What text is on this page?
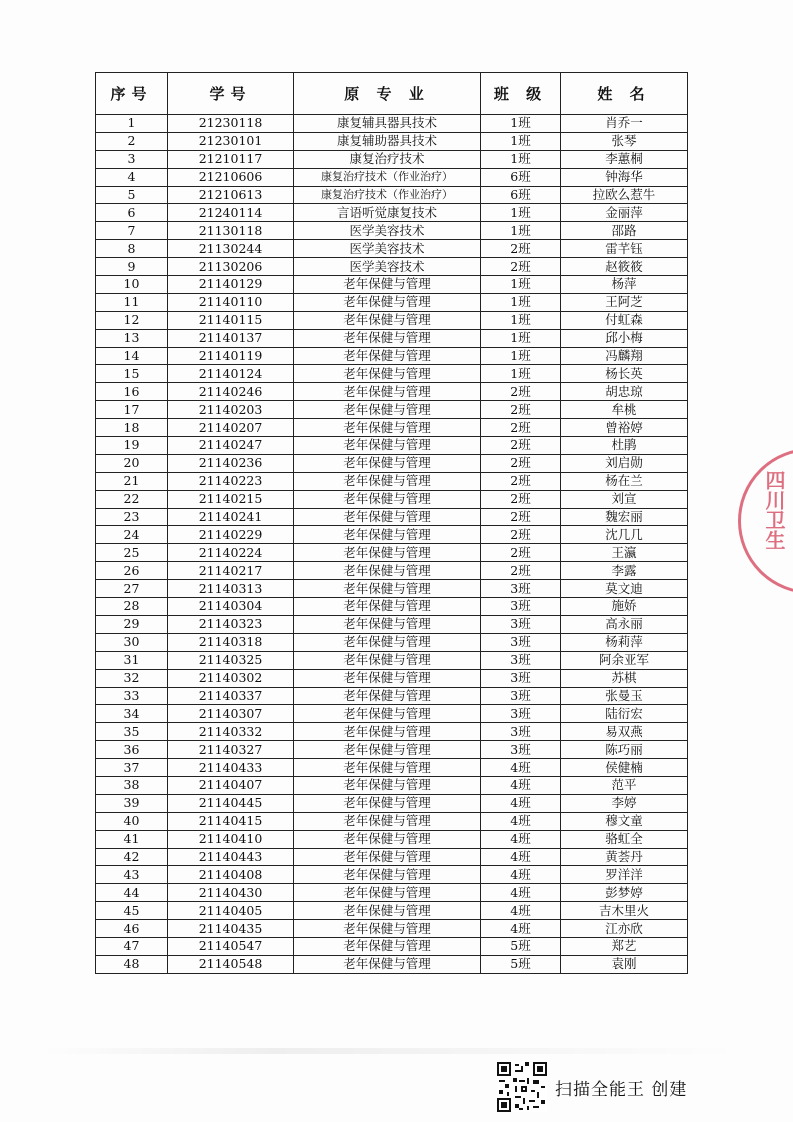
序号	学号	原 专 业	班 级	姓 名
1	21230118	康复辅具器具技术	1班	肖乔一
2	21230101	康复辅助器具技术	1班	张琴
3	21210117	康复治疗技术	1班	李蕙桐
4	21210606	康复治疗技术（作业治疗）	6班	钟海华
5	21210613	康复治疗技术（作业治疗）	6班	拉欧么惹牛
6	21240114	言语听觉康复技术	1班	金丽萍
7	21130118	医学美容技术	1班	邵路
8	21130244	医学美容技术	2班	雷芊钰
9	21130206	医学美容技术	2班	赵筱筱
10	21140129	老年保健与管理	1班	杨萍
11	21140110	老年保健与管理	1班	王阿芝
12	21140115	老年保健与管理	1班	付虹森
13	21140137	老年保健与管理	1班	邱小梅
14	21140119	老年保健与管理	1班	冯麟翔
15	21140124	老年保健与管理	1班	杨长英
16	21140246	老年保健与管理	2班	胡忠琼
17	21140203	老年保健与管理	2班	牟桃
18	21140207	老年保健与管理	2班	曾裕婷
19	21140247	老年保健与管理	2班	杜鹃
20	21140236	老年保健与管理	2班	刘启勋
21	21140223	老年保健与管理	2班	杨在兰
22	21140215	老年保健与管理	2班	刘宣
23	21140241	老年保健与管理	2班	魏宏丽
24	21140229	老年保健与管理	2班	沈几几
25	21140224	老年保健与管理	2班	王瀛
26	21140217	老年保健与管理	2班	李露
27	21140313	老年保健与管理	3班	莫文迪
28	21140304	老年保健与管理	3班	施娇
29	21140323	老年保健与管理	3班	高永丽
30	21140318	老年保健与管理	3班	杨莉萍
31	21140325	老年保健与管理	3班	阿余亚军
32	21140302	老年保健与管理	3班	苏棋
33	21140337	老年保健与管理	3班	张曼玉
34	21140307	老年保健与管理	3班	陆衍宏
35	21140332	老年保健与管理	3班	易双燕
36	21140327	老年保健与管理	3班	陈巧丽
37	21140433	老年保健与管理	4班	侯健楠
38	21140407	老年保健与管理	4班	范平
39	21140445	老年保健与管理	4班	李婷
40	21140415	老年保健与管理	4班	穆文童
41	21140410	老年保健与管理	4班	骆虹全
42	21140443	老年保健与管理	4班	黄荟丹
43	21140408	老年保健与管理	4班	罗洋洋
44	21140430	老年保健与管理	4班	彭梦婷
45	21140405	老年保健与管理	4班	吉木里火
46	21140435	老年保健与管理	4班	江亦欣
47	21140547	老年保健与管理	5班	郑艺
48	21140548	老年保健与管理	5班	袁刚
四川卫生
扫描全能王 创建
